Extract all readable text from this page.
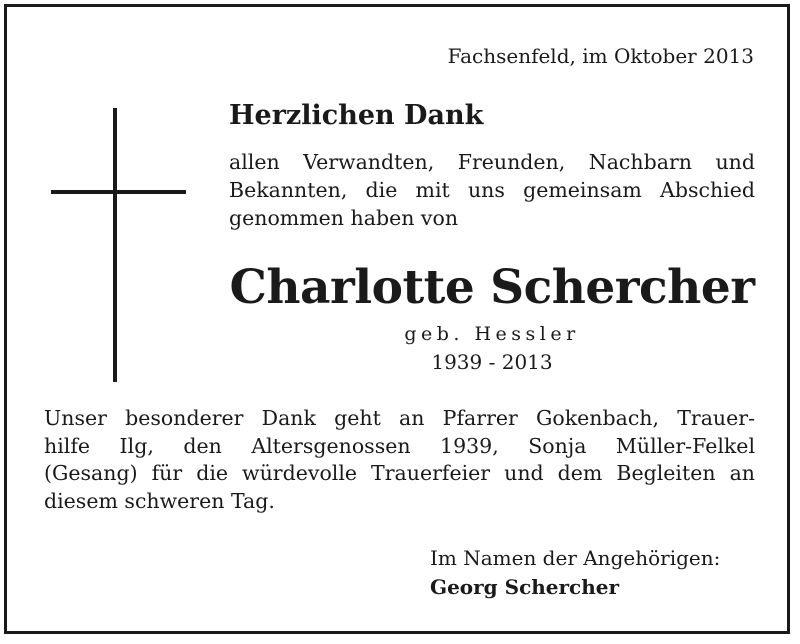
Fachsenfeld, im Oktober 2013
Herzlichen Dank
allen Verwandten, Freunden, Nachbarn und
Bekannten, die mit uns gemeinsam Abschied
genommen haben von
Charlotte Schercher
geb. Hessler
1939 - 2013
Unser besonderer Dank geht an Pfarrer Gokenbach, Trauer-
hilfe Ilg, den Altersgenossen 1939, Sonja Müller-Felkel
(Gesang) für die würdevolle Trauerfeier und dem Begleiten an
diesem schweren Tag.
Im Namen der Angehörigen:
Georg Schercher
